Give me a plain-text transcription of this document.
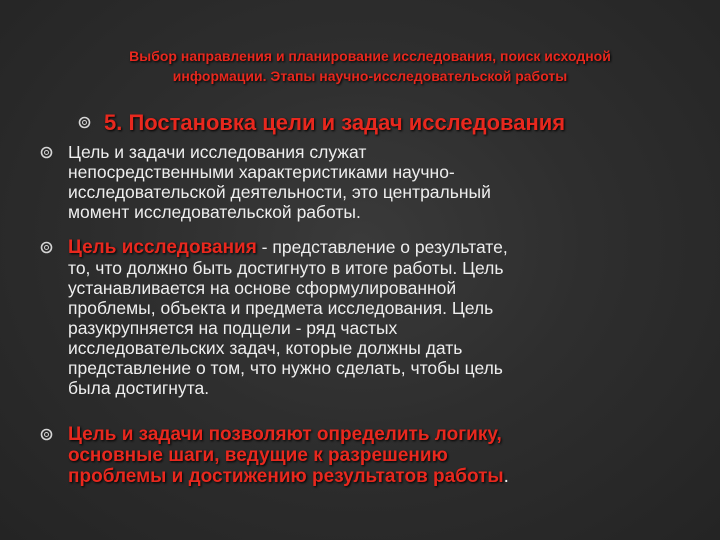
Выбор направления и планирование исследования, поиск исходной
информации. Этапы научно-исследовательской работы
5. Постановка цели и задач исследования
Цель и задачи исследования служат
непосредственными характеристиками научно-
исследовательской деятельности, это центральный
момент исследовательской работы.
Цель исследования - представление о результате,
то, что должно быть достигнуто в итоге работы. Цель
устанавливается на основе сформулированной
проблемы, объекта и предмета исследования. Цель
разукрупняется на подцели - ряд частых
исследовательских задач, которые должны дать
представление о том, что нужно сделать, чтобы цель
была достигнута.
Цель и задачи позволяют определить логику,
основные шаги, ведущие к разрешению
проблемы и достижению результатов работы.
